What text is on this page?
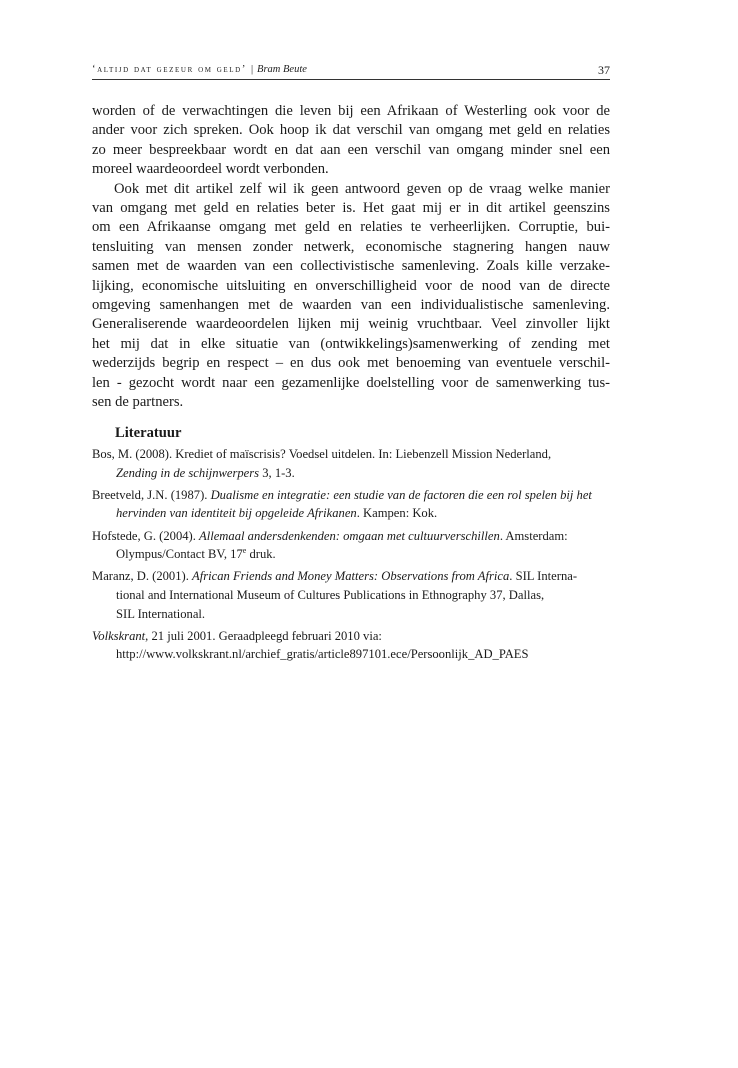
‘altijd dat gezeur om geld’ | Bram Beute	37
worden of de verwachtingen die leven bij een Afrikaan of Westerling ook voor de
ander voor zich spreken. Ook hoop ik dat verschil van omgang met geld en relaties
zo meer bespreekbaar wordt en dat aan een verschil van omgang minder snel een
moreel waardeoordeel wordt verbonden.
Ook met dit artikel zelf wil ik geen antwoord geven op de vraag welke manier
van omgang met geld en relaties beter is. Het gaat mij er in dit artikel geenszins
om een Afrikaanse omgang met geld en relaties te verheerlijken. Corruptie, bui-
tensluiting van mensen zonder netwerk, economische stagnering hangen nauw
samen met de waarden van een collectivistische samenleving. Zoals kille verzake-
lijking, economische uitsluiting en onverschilligheid voor de nood van de directe
omgeving samenhangen met de waarden van een individualistische samenleving.
Generaliserende waardeoordelen lijken mij weinig vruchtbaar. Veel zinvoller lijkt
het mij dat in elke situatie van (ontwikkelings)samenwerking of zending met
wederzijds begrip en respect – en dus ook met benoeming van eventuele verschil-
len - gezocht wordt naar een gezamenlijke doelstelling voor de samenwerking tus-
sen de partners.
Literatuur
Bos, M. (2008). Krediet of maïscrisis? Voedsel uitdelen. In: Liebenzell Mission Nederland,
Zending in de schijnwerpers 3, 1-3.
Breetveld, J.N. (1987). Dualisme en integratie: een studie van de factoren die een rol spelen bij het
hervinden van identiteit bij opgeleide Afrikanen. Kampen: Kok.
Hofstede, G. (2004). Allemaal andersdenkenden: omgaan met cultuurverschillen. Amsterdam:
Olympus/Contact BV, 17e druk.
Maranz, D. (2001). African Friends and Money Matters: Observations from Africa. SIL Interna-
tional and International Museum of Cultures Publications in Ethnography 37, Dallas,
SIL International.
Volkskrant, 21 juli 2001. Geraadpleegd februari 2010 via:
http://www.volkskrant.nl/archief_gratis/article897101.ece/Persoonlijk_AD_PAES
